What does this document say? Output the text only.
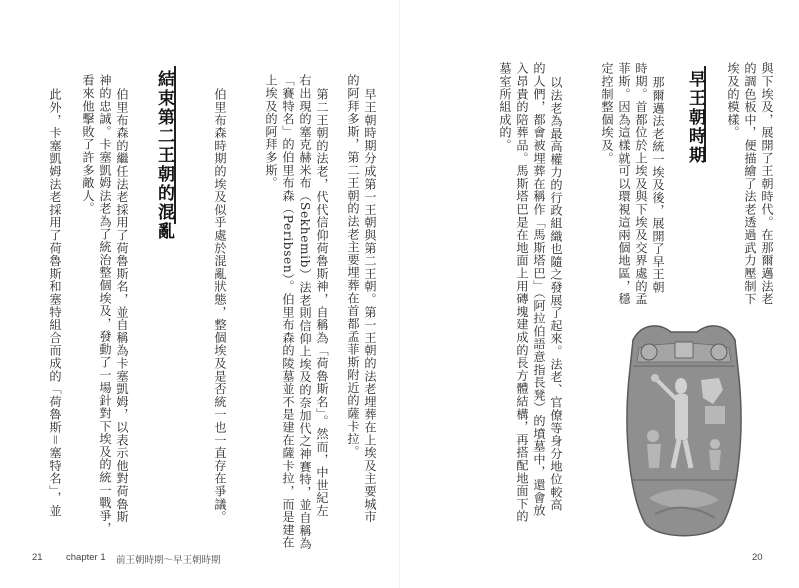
與下埃及，展開了王朝時代。在那爾邁法老
的調色板中，便描繪了法老透過武力壓制下
埃及的模樣。
早王朝時期
那爾邁法老統一埃及後，展開了早王朝
時期。首都位於上埃及與下埃及交界處的孟
菲斯。因為這樣就可以環視這兩個地區，穩
定控制整個埃及。
以法老為最高權力的行政組織也隨之發展了起來。法老、官僚等身分地位較高
的人們，都會被埋葬在稱作「馬斯塔巴」（阿拉伯語意指長凳）的墳墓中，還會放
入昂貴的陪葬品。馬斯塔巴是在地面上用磚塊建成的長方體結構，再搭配地面下的
墓室所組成的。
20
早王朝時期分成第一王朝與第二王朝。第一王朝的法老埋葬在上埃及主要城市
的阿拜多斯，第二王朝的法老主要埋葬在首都孟菲斯附近的薩卡拉。
第二王朝的法老，代代信仰荷魯斯神，自稱為「荷魯斯名」。然而，中世紀左
右出現的塞克赫米布（Sekhemib）法老則信仰上埃及的奈加代之神賽特，並自稱為
「賽特名」的伯里布森（Peribsen）。伯里布森的陵墓並不是建在薩卡拉，而是建在
上埃及的阿拜多斯。
伯里布森時期的埃及似乎處於混亂狀態，整個埃及是否統一也一直存在爭議。
結束第二王朝的混亂
伯里布森的繼任法老採用了荷魯斯名，並自稱為卡塞凱姆，以表示他對荷魯斯
神的忠誠。卡塞凱姆法老為了統治整個埃及，發動了一場針對下埃及的統一戰爭，
看來他擊敗了許多敵人。
此外，卡塞凱姆法老採用了荷魯斯和塞特組合而成的「荷魯斯＝塞特名」，並
21 chapter 1 前王朝時期～早王朝時期
